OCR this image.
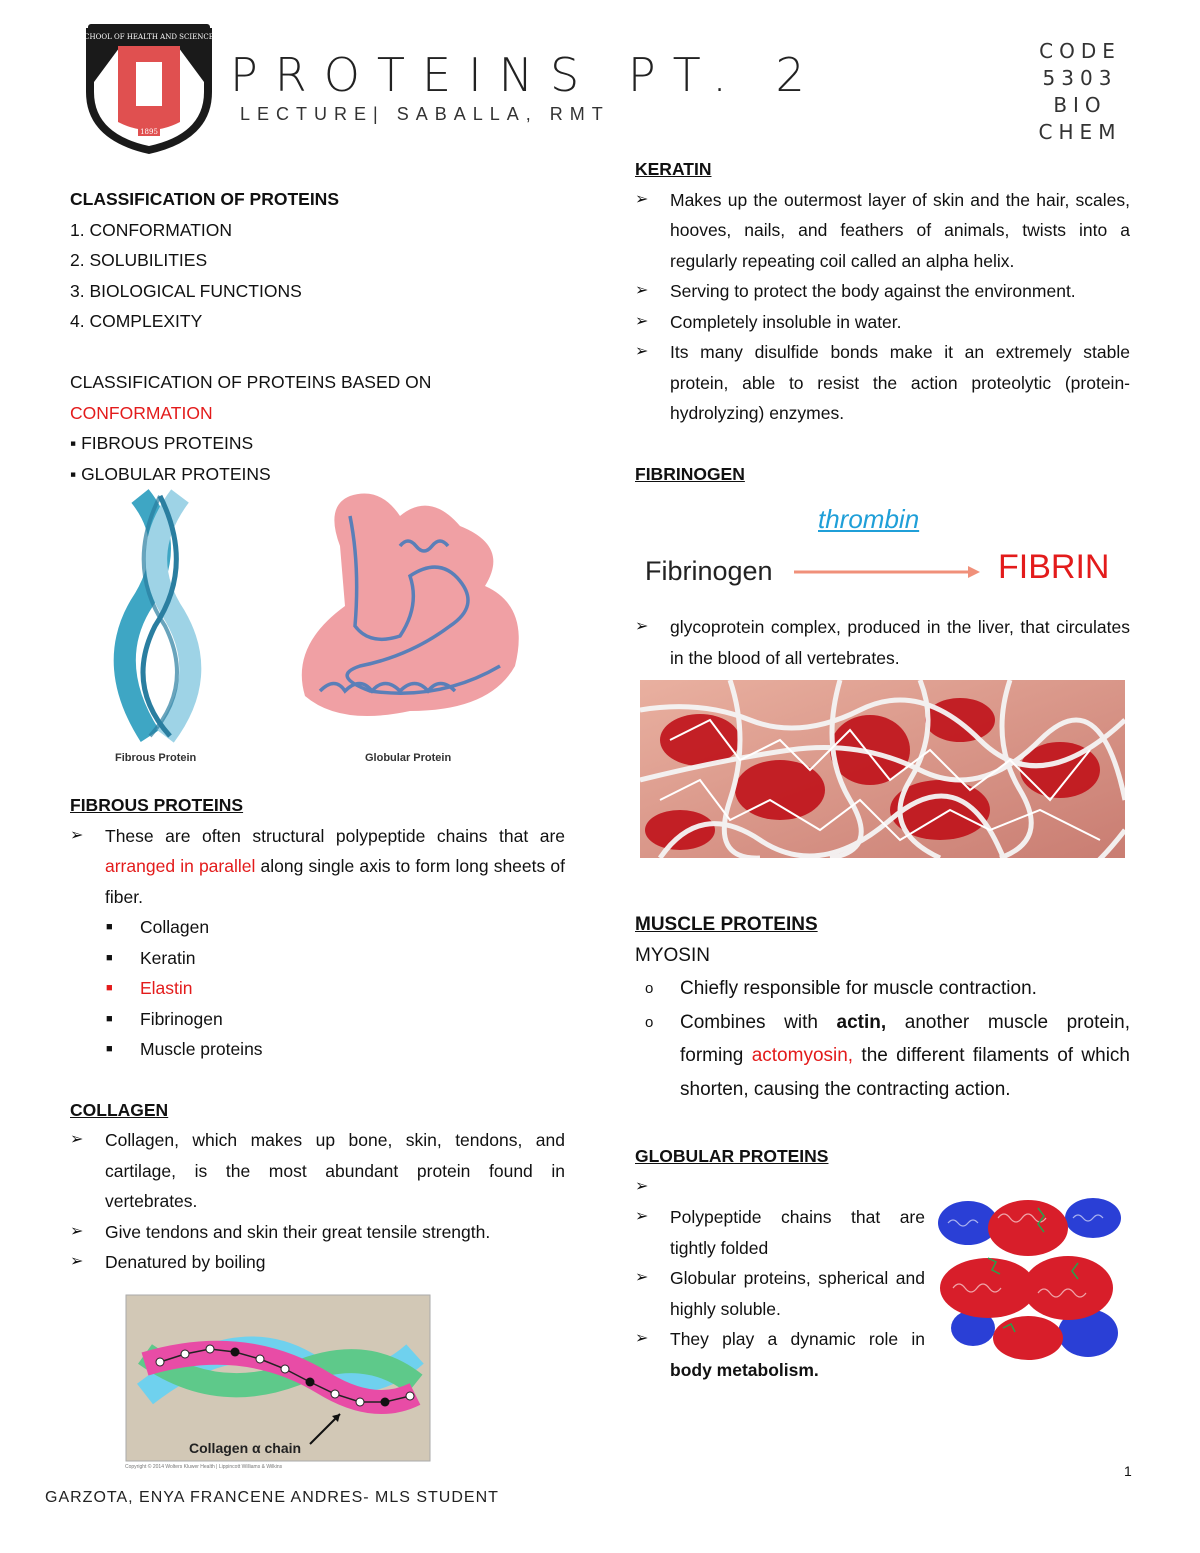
SCHOOL OF HEALTH AND SCIENCES
1895
PROTEINS PT. 2
LECTURE| SABALLA, RMT
CODE
5303
BIO
CHEM
CLASSIFICATION OF PROTEINS
1. CONFORMATION
2. SOLUBILITIES
3. BIOLOGICAL FUNCTIONS
4. COMPLEXITY
CLASSIFICATION OF PROTEINS BASED ON
CONFORMATION
▪ FIBROUS PROTEINS
▪ GLOBULAR PROTEINS
Fibrous Protein	Globular Protein
FIBROUS PROTEINS
➢ These are often structural polypeptide chains that are arranged in parallel along single axis to form long sheets of fiber.
■ Collagen
■ Keratin
■ Elastin
■ Fibrinogen
■ Muscle proteins
COLLAGEN
➢ Collagen, which makes up bone, skin, tendons, and cartilage, is the most abundant protein found in vertebrates.
➢ Give tendons and skin their great tensile strength.
➢ Denatured by boiling
Collagen α chain
Copyright © 2014 Wolters Kluwer Health | Lippincott Williams & Wilkins
KERATIN
➢ Makes up the outermost layer of skin and the hair, scales, hooves, nails, and feathers of animals, twists into a regularly repeating coil called an alpha helix.
➢ Serving to protect the body against the environment.
➢ Completely insoluble in water.
➢ Its many disulfide bonds make it an extremely stable protein, able to resist the action proteolytic (protein-hydrolyzing) enzymes.
FIBRINOGEN
thrombin
Fibrinogen	FIBRIN
➢ glycoprotein complex, produced in the liver, that circulates in the blood of all vertebrates.
MUSCLE PROTEINS
MYOSIN
o Chiefly responsible for muscle contraction.
o Combines with actin, another muscle protein, forming actomyosin, the different filaments of which shorten, causing the contracting action.
GLOBULAR PROTEINS
➢

➢ Polypeptide chains that are tightly folded
➢ Globular proteins, spherical and highly soluble.
➢ They play a dynamic role in body metabolism.
1
GARZOTA, ENYA FRANCENE ANDRES- MLS STUDENT
